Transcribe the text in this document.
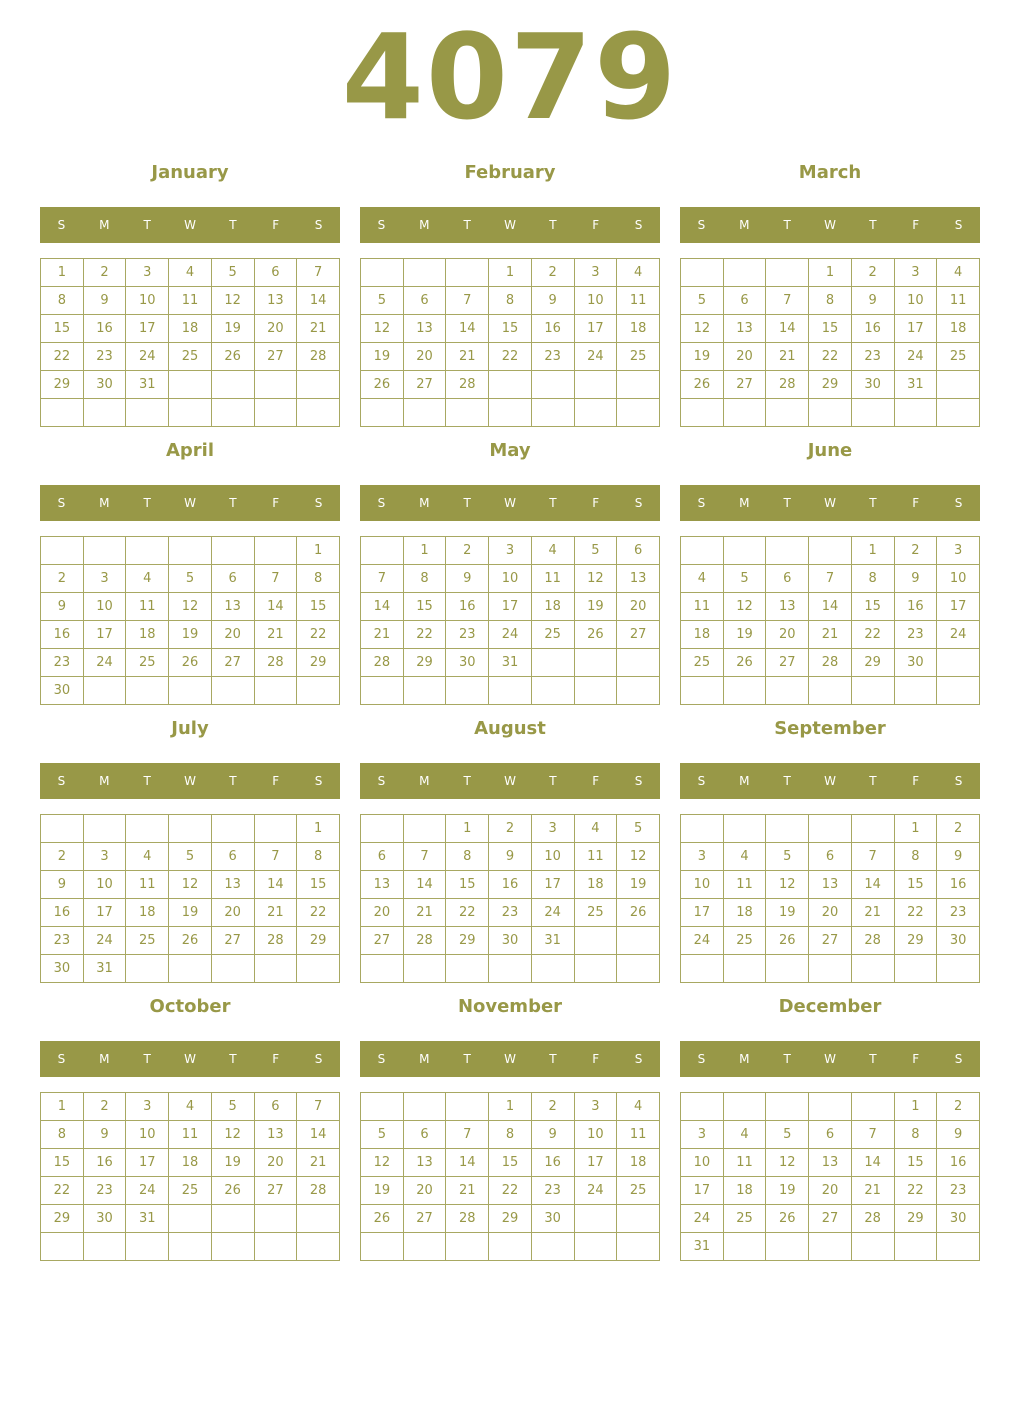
4079
January
S	M	T	W	T	F	S
1	2	3	4	5	6	7
8	9	10	11	12	13	14
15	16	17	18	19	20	21
22	23	24	25	26	27	28
29	30	31				

February
S	M	T	W	T	F	S
			1	2	3	4
5	6	7	8	9	10	11
12	13	14	15	16	17	18
19	20	21	22	23	24	25
26	27	28				

March
S	M	T	W	T	F	S
			1	2	3	4
5	6	7	8	9	10	11
12	13	14	15	16	17	18
19	20	21	22	23	24	25
26	27	28	29	30	31	

April
S	M	T	W	T	F	S
						1
2	3	4	5	6	7	8
9	10	11	12	13	14	15
16	17	18	19	20	21	22
23	24	25	26	27	28	29
30						
May
S	M	T	W	T	F	S
	1	2	3	4	5	6
7	8	9	10	11	12	13
14	15	16	17	18	19	20
21	22	23	24	25	26	27
28	29	30	31			

June
S	M	T	W	T	F	S
				1	2	3
4	5	6	7	8	9	10
11	12	13	14	15	16	17
18	19	20	21	22	23	24
25	26	27	28	29	30	

July
S	M	T	W	T	F	S
						1
2	3	4	5	6	7	8
9	10	11	12	13	14	15
16	17	18	19	20	21	22
23	24	25	26	27	28	29
30	31					
August
S	M	T	W	T	F	S
		1	2	3	4	5
6	7	8	9	10	11	12
13	14	15	16	17	18	19
20	21	22	23	24	25	26
27	28	29	30	31		

September
S	M	T	W	T	F	S
					1	2
3	4	5	6	7	8	9
10	11	12	13	14	15	16
17	18	19	20	21	22	23
24	25	26	27	28	29	30

October
S	M	T	W	T	F	S
1	2	3	4	5	6	7
8	9	10	11	12	13	14
15	16	17	18	19	20	21
22	23	24	25	26	27	28
29	30	31				

November
S	M	T	W	T	F	S
			1	2	3	4
5	6	7	8	9	10	11
12	13	14	15	16	17	18
19	20	21	22	23	24	25
26	27	28	29	30		

December
S	M	T	W	T	F	S
					1	2
3	4	5	6	7	8	9
10	11	12	13	14	15	16
17	18	19	20	21	22	23
24	25	26	27	28	29	30
31						
